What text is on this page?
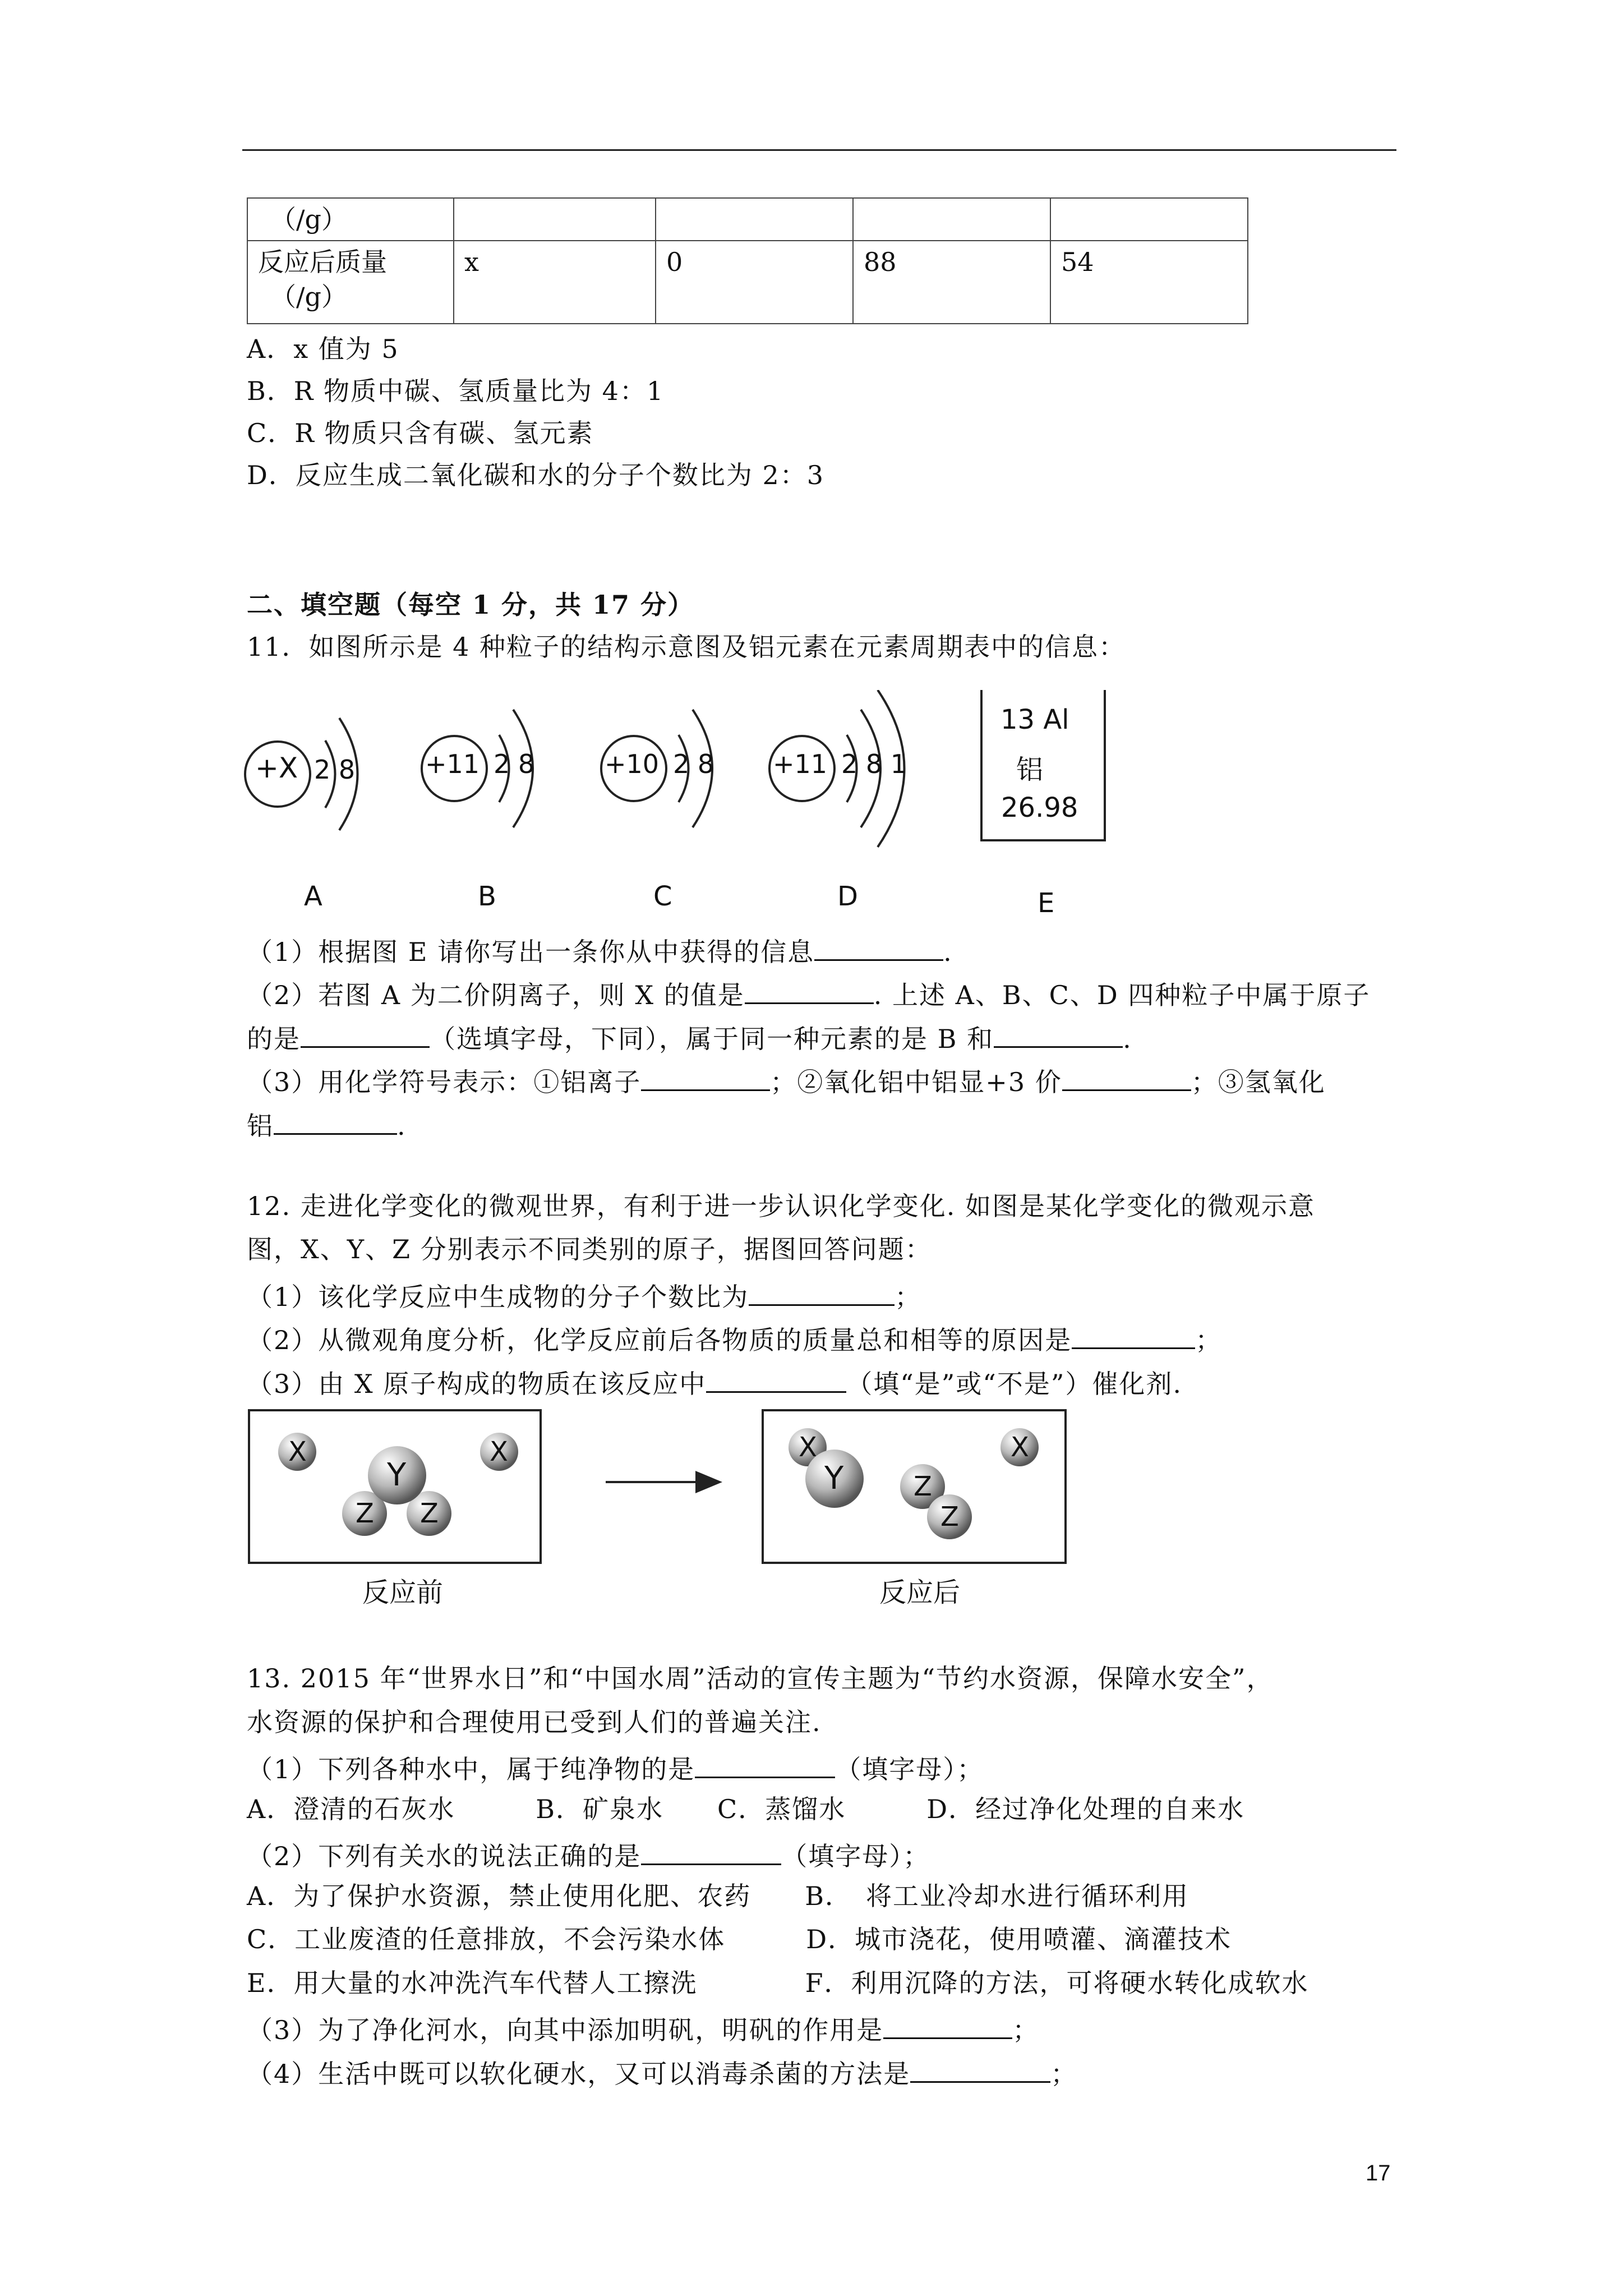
（/g）				

反应后质量
（/g）	x	0	88	54
A．x 值为 5
B．R 物质中碳、氢质量比为 4：1
C．R 物质只含有碳、氢元素
D．反应生成二氧化碳和水的分子个数比为 2：3
二、填空题（每空 1 分，共 17 分）
11．如图所示是 4 种粒子的结构示意图及铝元素在元素周期表中的信息：
+X 2 8	+11 2 8	+10 2 8 +11 2 8 1
13 Al
铝
26.98
A	B	C	D	E
（1）根据图 E 请你写出一条你从中获得的信息	.
（2）若图 A 为二价阴离子，则 X 的值是	. 上述 A、B、C、D 四种粒子中属于原子
的是	（选填字母，下同），属于同一种元素的是 B 和	.
（3）用化学符号表示：①铝离子	；②氧化铝中铝显+3 价	；③氢氧化
铝	.
12. 走进化学变化的微观世界，有利于进一步认识化学变化. 如图是某化学变化的微观示意
图，X、Y、Z 分别表示不同类别的原子，据图回答问题：
（1）该化学反应中生成物的分子个数比为	；
（2）从微观角度分析，化学反应前后各物质的质量总和相等的原因是	；
（3）由 X 原子构成的物质在该反应中	（填“是”或“不是”）催化剂.
X	X
Y
Z Z
X
Y
X
Z
Z
反应前	反应后
13. 2015 年“世界水日”和“中国水周”活动的宣传主题为“节约水资源，保障水安全”，
水资源的保护和合理使用已受到人们的普遍关注.
（1）下列各种水中，属于纯净物的是	（填字母）；
A．澄清的石灰水　　　B．矿泉水　　C．蒸馏水　　　D．经过净化处理的自来水
（2）下列有关水的说法正确的是	（填字母）；
A．为了保护水资源，禁止使用化肥、农药　　B．　将工业冷却水进行循环利用
C．工业废渣的任意排放，不会污染水体　　　D．城市浇花，使用喷灌、滴灌技术
E．用大量的水冲洗汽车代替人工擦洗　　　　F．利用沉降的方法，可将硬水转化成软水
（3）为了净化河水，向其中添加明矾，明矾的作用是	；
（4）生活中既可以软化硬水，又可以消毒杀菌的方法是	；
17
